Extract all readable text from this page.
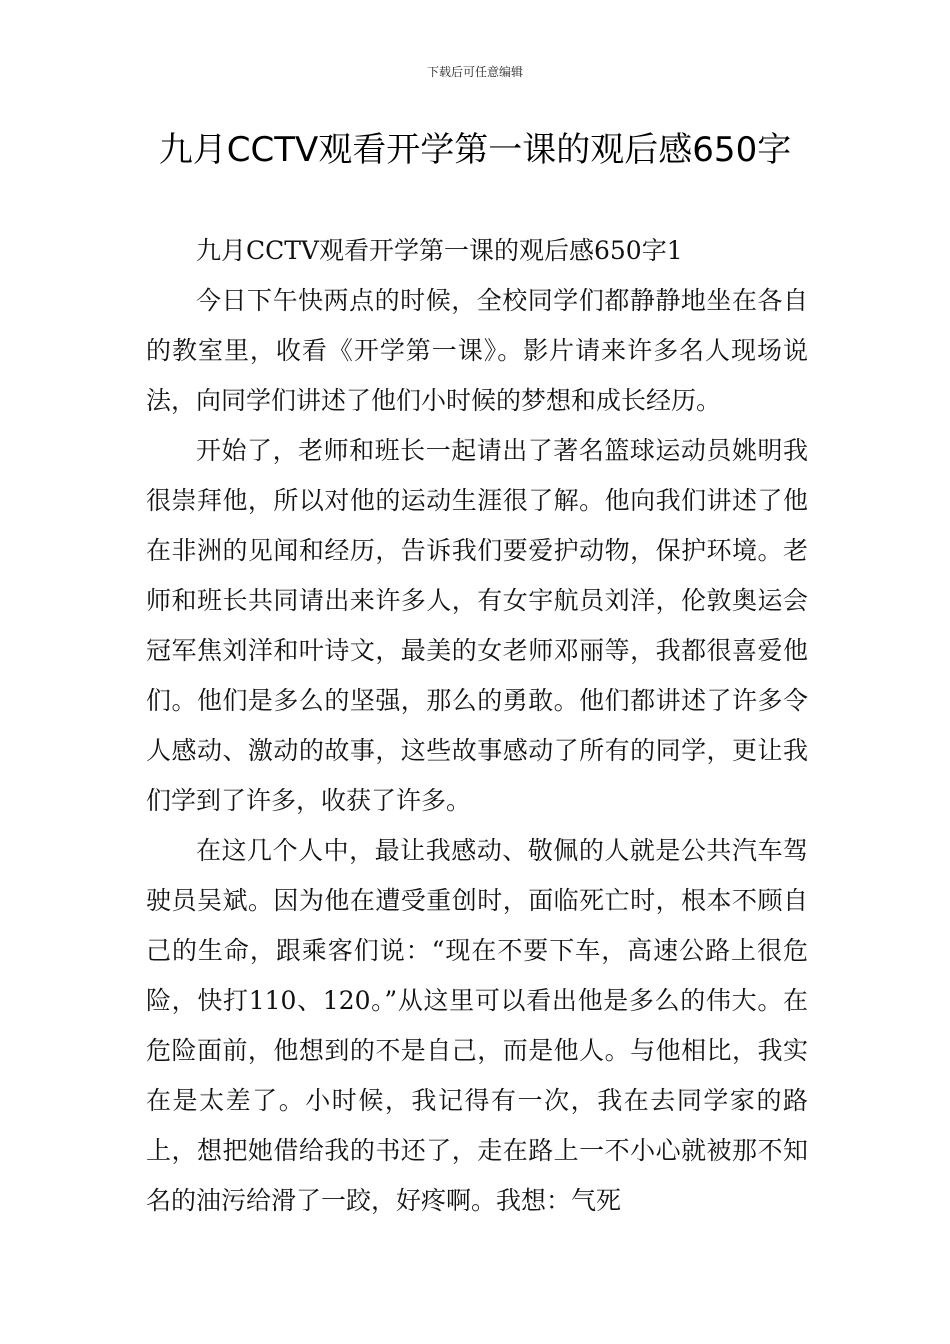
下载后可任意编辑
九月CCTV观看开学第一课的观后感650字

九月CCTV观看开学第一课的观后感650字1

今日下午快两点的时候，全校同学们都静静地坐在各自的教室里，收看《开学第一课》。影片请来许多名人现场说法，向同学们讲述了他们小时候的梦想和成长经历。

开始了，老师和班长一起请出了著名篮球运动员姚明我很崇拜他，所以对他的运动生涯很了解。他向我们讲述了他在非洲的见闻和经历，告诉我们要爱护动物，保护环境。老师和班长共同请出来许多人，有女宇航员刘洋，伦敦奥运会冠军焦刘洋和叶诗文，最美的女老师邓丽等，我都很喜爱他们。他们是多么的坚强，那么的勇敢。他们都讲述了许多令人感动、激动的故事，这些故事感动了所有的同学，更让我们学到了许多，收获了许多。

在这几个人中，最让我感动、敬佩的人就是公共汽车驾驶员吴斌。因为他在遭受重创时，面临死亡时，根本不顾自己的生命，跟乘客们说：“现在不要下车，高速公路上很危险，快打110、120。”从这里可以看出他是多么的伟大。在危险面前，他想到的不是自己，而是他人。与他相比，我实在是太差了。小时候，我记得有一次，我在去同学家的路上，想把她借给我的书还了，走在路上一不小心就被那不知名的油污给滑了一跤，好疼啊。我想：气死
